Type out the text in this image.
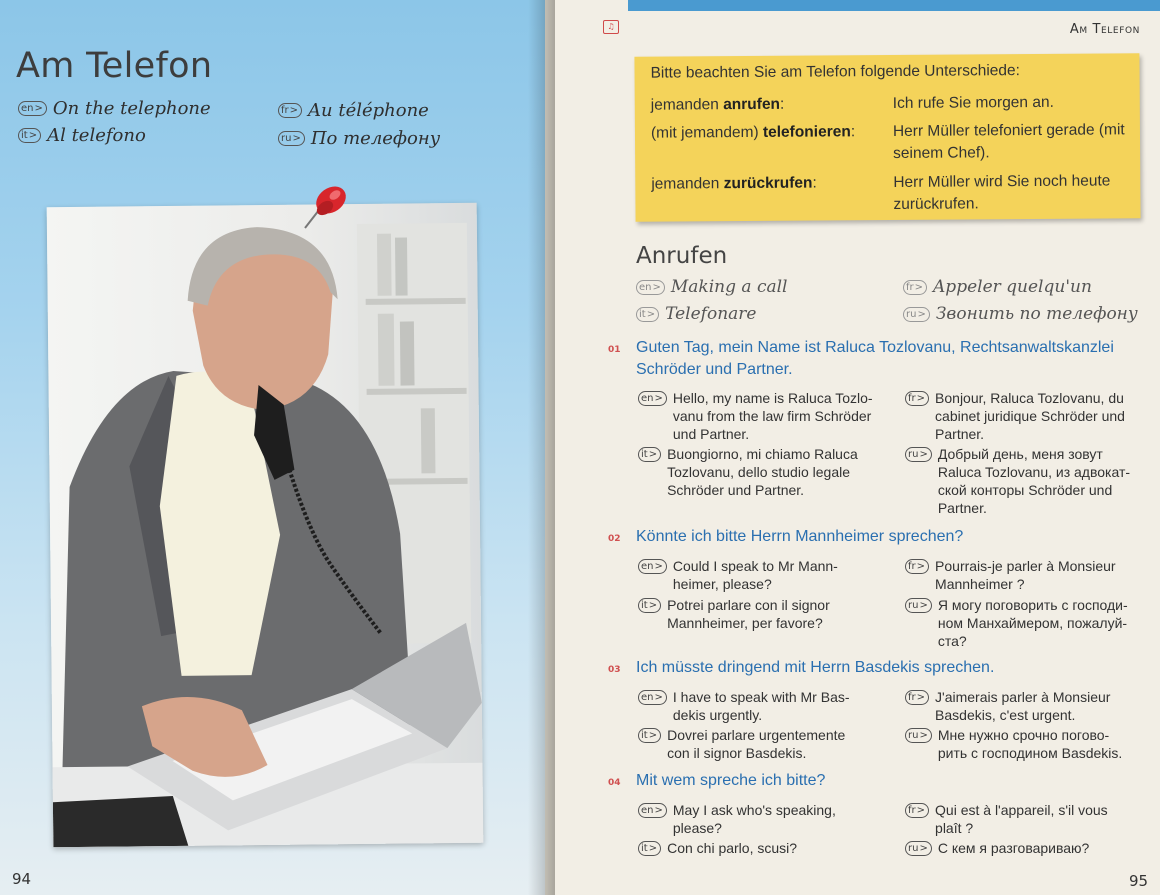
Am Telefon
en >	On the telephone
it >	Al telefono
fr >	Au téléphone
ru >	По телефону
94
♫	Am Telefon
Bitte beachten Sie am Telefon folgende Unterschiede:
jemanden anrufen:	Ich rufe Sie morgen an.
(mit jemandem) telefonieren: Herr Müller telefoniert gerade (mit seinem Chef).
jemanden zurückrufen:	Herr Müller wird Sie noch heute zurückrufen.
Anrufen
en >	Making a call
it >	Telefonare
fr >	Appeler quelqu'un
ru >	Звонить по телефону
01 Guten Tag, mein Name ist Raluca Tozlovanu, Rechtsanwaltskanzlei Schröder und Partner.
en >	Hello, my name is Raluca Tozlo-
vanu from the law firm Schröder
und Partner.
it >	Buongiorno, mi chiamo Raluca
Tozlovanu, dello studio legale
Schröder und Partner.
fr >	Bonjour, Raluca Tozlovanu, du
cabinet juridique Schröder und
Partner.
ru >	Добрый день, меня зовут
Raluca Tozlovanu, из адвокат-
ской конторы Schröder und
Partner.
02 Könnte ich bitte Herrn Mannheimer sprechen?
en >	Could I speak to Mr Mann-
heimer, please?
it >	Potrei parlare con il signor
Mannheimer, per favore?
fr >	Pourrais-je parler à Monsieur
Mannheimer ?
ru >	Я могу поговорить с господи-
ном Манхаймером, пожалуй-
ста?
03 Ich müsste dringend mit Herrn Basdekis sprechen.
en >	I have to speak with Mr Bas-
dekis urgently.
it >	Dovrei parlare urgentemente
con il signor Basdekis.
fr >	J'aimerais parler à Monsieur
Basdekis, c'est urgent.
ru >	Мне нужно срочно погово-
рить с господином Basdekis.
04 Mit wem spreche ich bitte?
en >	May I ask who's speaking,
please?
it >	Con chi parlo, scusi?
fr >	Qui est à l'appareil, s'il vous
plaît ?
ru >	С кем я разговариваю?
95
